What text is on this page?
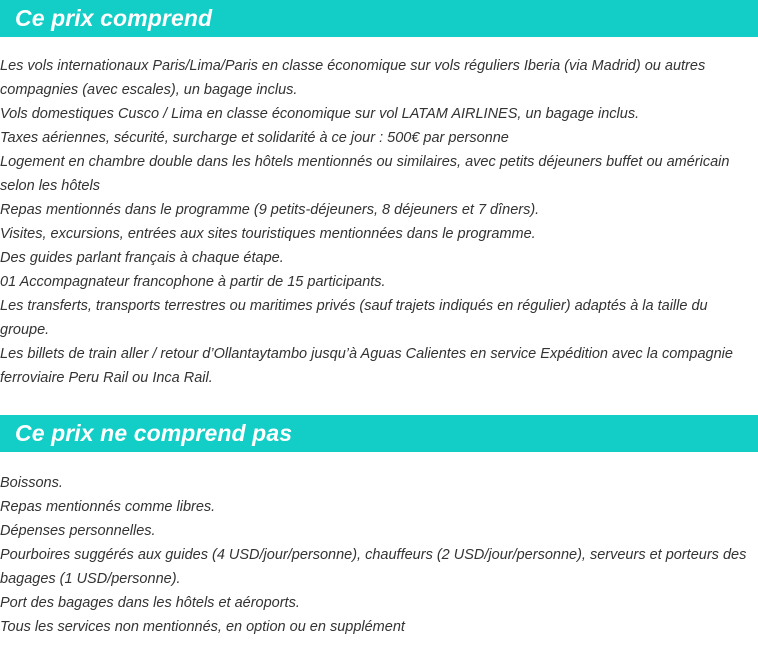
Ce prix comprend
Les vols internationaux Paris/Lima/Paris en classe économique sur vols réguliers Iberia (via Madrid) ou autres compagnies (avec escales), un bagage inclus.
Vols domestiques Cusco / Lima en classe économique sur vol LATAM AIRLINES, un bagage inclus.
Taxes aériennes, sécurité, surcharge et solidarité à ce jour : 500€ par personne
Logement en chambre double dans les hôtels mentionnés ou similaires, avec petits déjeuners buffet ou américain selon les hôtels
Repas mentionnés dans le programme (9 petits-déjeuners, 8 déjeuners et 7 dîners).
Visites, excursions, entrées aux sites touristiques mentionnées dans le programme.
Des guides parlant français à chaque étape.
01 Accompagnateur francophone à partir de 15 participants.
Les transferts, transports terrestres ou maritimes privés (sauf trajets indiqués en régulier) adaptés à la taille du groupe.
Les billets de train aller / retour d’Ollantaytambo jusqu’à Aguas Calientes en service Expédition avec la compagnie ferroviaire Peru Rail ou Inca Rail.
Ce prix ne comprend pas
Boissons.
Repas mentionnés comme libres.
Dépenses personnelles.
Pourboires suggérés aux guides (4 USD/jour/personne), chauffeurs (2 USD/jour/personne), serveurs et porteurs des bagages (1 USD/personne).
Port des bagages dans les hôtels et aéroports.
Tous les services non mentionnés, en option ou en supplément
